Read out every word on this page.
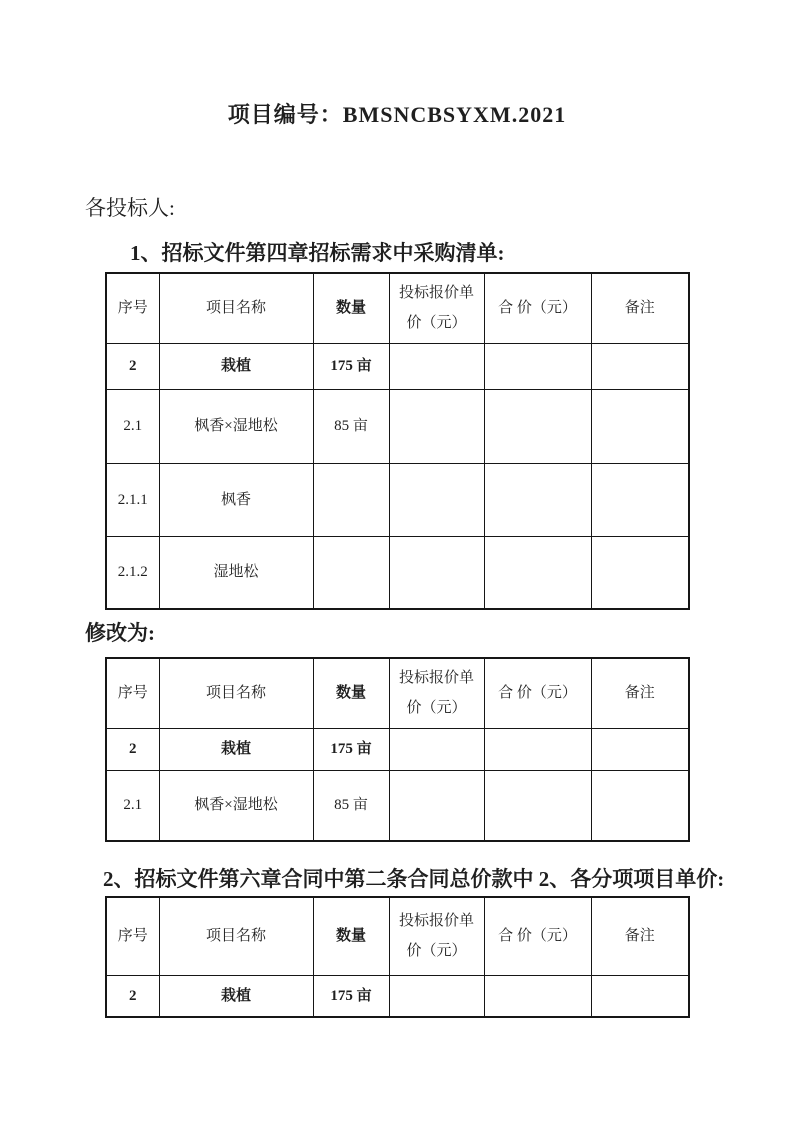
项目编号：BMSNCBSYXM.2021
各投标人:
1、招标文件第四章招标需求中采购清单:
序号	项目名称	数量	投标报价单价（元）	合 价（元）	备注
2	栽植	175 亩			
2.1	枫香×湿地松	85 亩			
2.1.1	枫香				
2.1.2	湿地松				
修改为:
序号	项目名称	数量	投标报价单价（元）	合 价（元）	备注
2	栽植	175 亩			
2.1	枫香×湿地松	85 亩			
2、招标文件第六章合同中第二条合同总价款中 2、各分项项目单价:
序号	项目名称	数量	投标报价单价（元）	合 价（元）	备注
2	栽植	175 亩			
